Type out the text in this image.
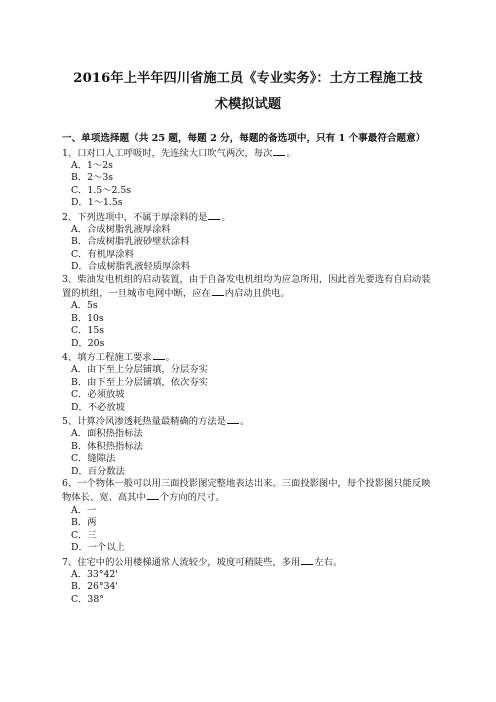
2016年上半年四川省施工员《专业实务》：土方工程施工技
术模拟试题
一、单项选择题（共 25 题，每题 2 分，每题的备选项中，只有 1 个事最符合题意）
1、口对口人工呼吸时，先连续大口吹气两次，每次 。
A．1～2s
B．2～3s
C．1.5～2.5s
D．1～1.5s
2、下列选项中，不属于厚涂料的是 。
A．合成树脂乳液厚涂料
B．合成树脂乳液砂壁状涂料
C．有机厚涂料
D．合成树脂乳液轻质厚涂料
3、柴油发电机组的启动装置，由于自备发电机组均为应急所用，因此首先要选有自启动装置的机组，一旦城市电网中断，应在 内启动且供电。
A．5s
B．10s
C．15s
D．20s
4、填方工程施工要求 。
A．由下至上分层铺填，分层夯实
B．由下至上分层铺填，依次夯实
C．必须放坡
D．不必放坡
5、计算冷风渗透耗热量最精确的方法是 。
A．面积热指标法
B．体积热指标法
C．缝隙法
D．百分数法
6、一个物体一般可以用三面投影图完整地表达出来。三面投影图中，每个投影图只能反映物体长、宽、高其中 个方向的尺寸。
A．一
B．两
C．三
D．一个以上
7、住宅中的公用楼梯通常人流较少，坡度可稍陡些，多用 左右。
A．33°42'
B．26°34'
C．38°
